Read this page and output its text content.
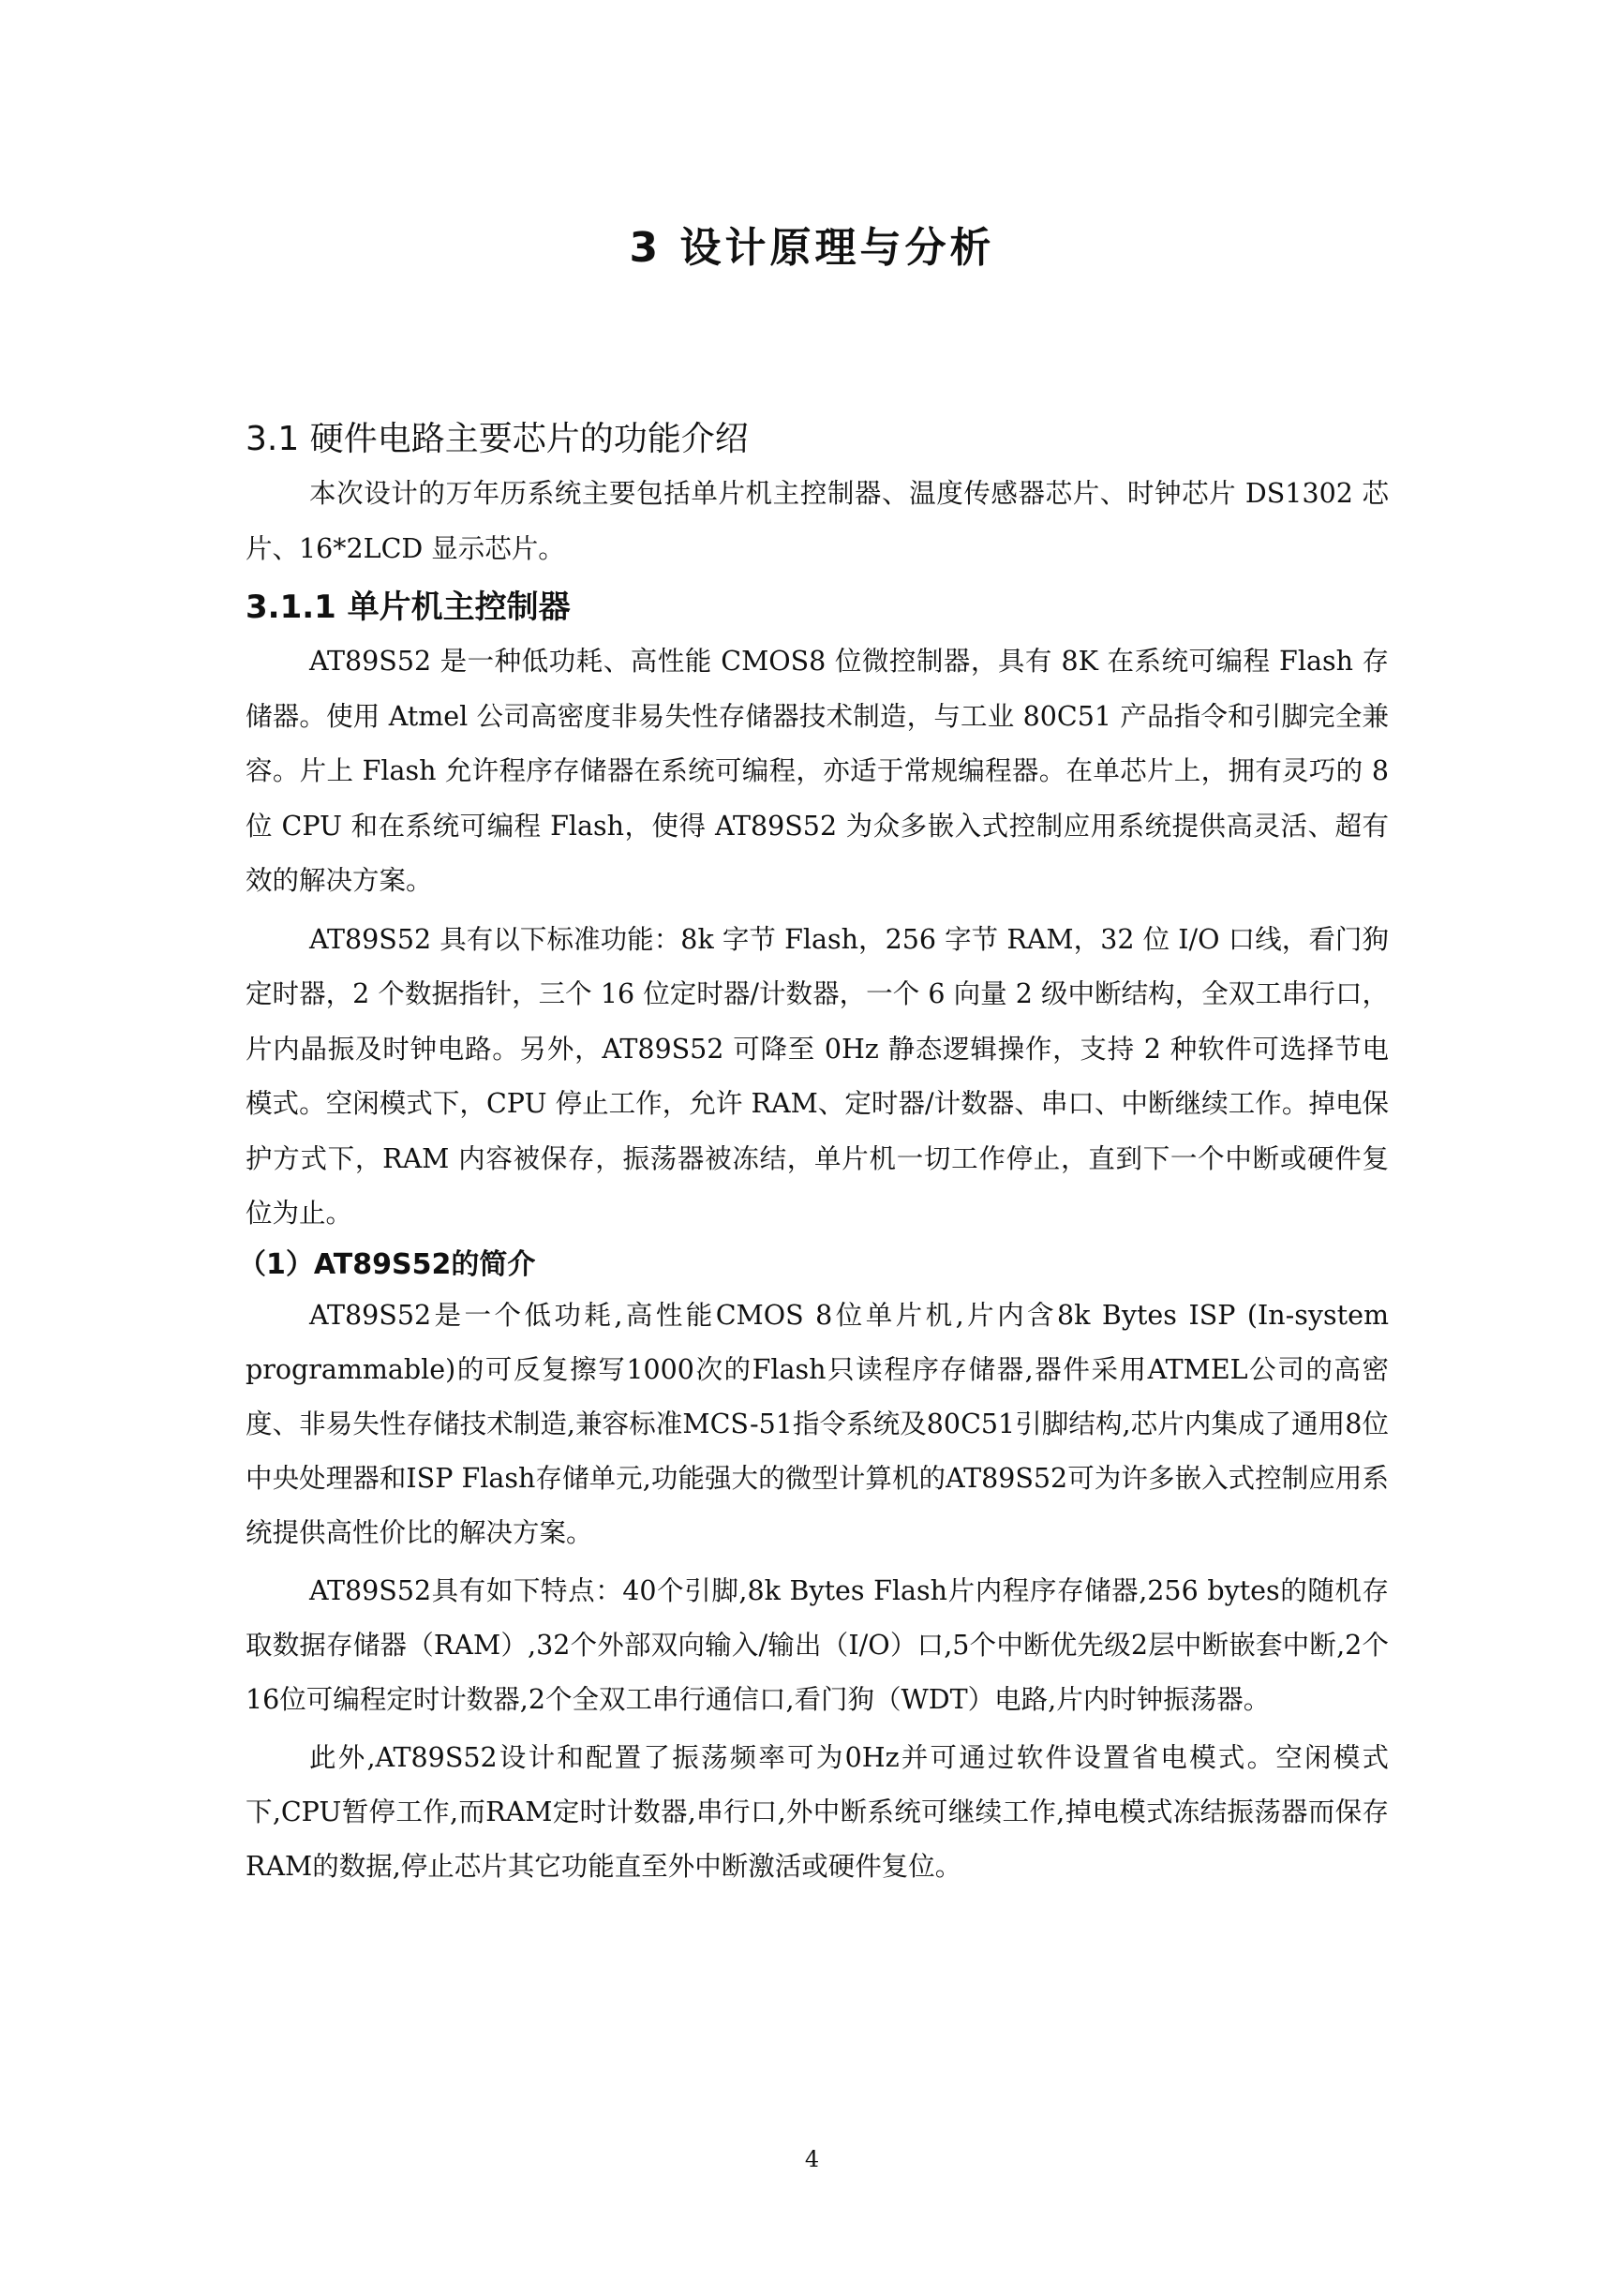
3 设计原理与分析
3.1 硬件电路主要芯片的功能介绍

本次设计的万年历系统主要包括单片机主控制器、温度传感器芯片、时钟芯片 DS1302 芯片、16*2LCD 显示芯片。

3.1.1 单片机主控制器

AT89S52 是一种低功耗、高性能 CMOS8 位微控制器，具有 8K 在系统可编程 Flash 存储器。使用 Atmel 公司高密度非易失性存储器技术制造，与工业 80C51 产品指令和引脚完全兼容。片上 Flash 允许程序存储器在系统可编程，亦适于常规编程器。在单芯片上，拥有灵巧的 8 位 CPU 和在系统可编程 Flash，使得 AT89S52 为众多嵌入式控制应用系统提供高灵活、超有效的解决方案。

AT89S52 具有以下标准功能：8k 字节 Flash，256 字节 RAM，32 位 I/O 口线，看门狗定时器，2 个数据指针，三个 16 位定时器/计数器，一个 6 向量 2 级中断结构，全双工串行口，片内晶振及时钟电路。另外，AT89S52 可降至 0Hz 静态逻辑操作，支持 2 种软件可选择节电模式。空闲模式下，CPU 停止工作，允许 RAM、定时器/计数器、串口、中断继续工作。掉电保护方式下，RAM 内容被保存，振荡器被冻结，单片机一切工作停止，直到下一个中断或硬件复位为止。

（1）AT89S52的简介

AT89S52是一个低功耗,高性能CMOS 8位单片机,片内含8k Bytes ISP (In-system programmable)的可反复擦写1000次的Flash只读程序存储器,器件采用ATMEL公司的高密度、非易失性存储技术制造,兼容标准MCS-51指令系统及80C51引脚结构,芯片内集成了通用8位中央处理器和ISP Flash存储单元,功能强大的微型计算机的AT89S52可为许多嵌入式控制应用系统提供高性价比的解决方案。

AT89S52具有如下特点：40个引脚,8k Bytes Flash片内程序存储器,256 bytes的随机存取数据存储器（RAM）,32个外部双向输入/输出（I/O）口,5个中断优先级2层中断嵌套中断,2个16位可编程定时计数器,2个全双工串行通信口,看门狗（WDT）电路,片内时钟振荡器。

此外,AT89S52设计和配置了振荡频率可为0Hz并可通过软件设置省电模式。空闲模式下,CPU暂停工作,而RAM定时计数器,串行口,外中断系统可继续工作,掉电模式冻结振荡器而保存RAM的数据,停止芯片其它功能直至外中断激活或硬件复位。

4
